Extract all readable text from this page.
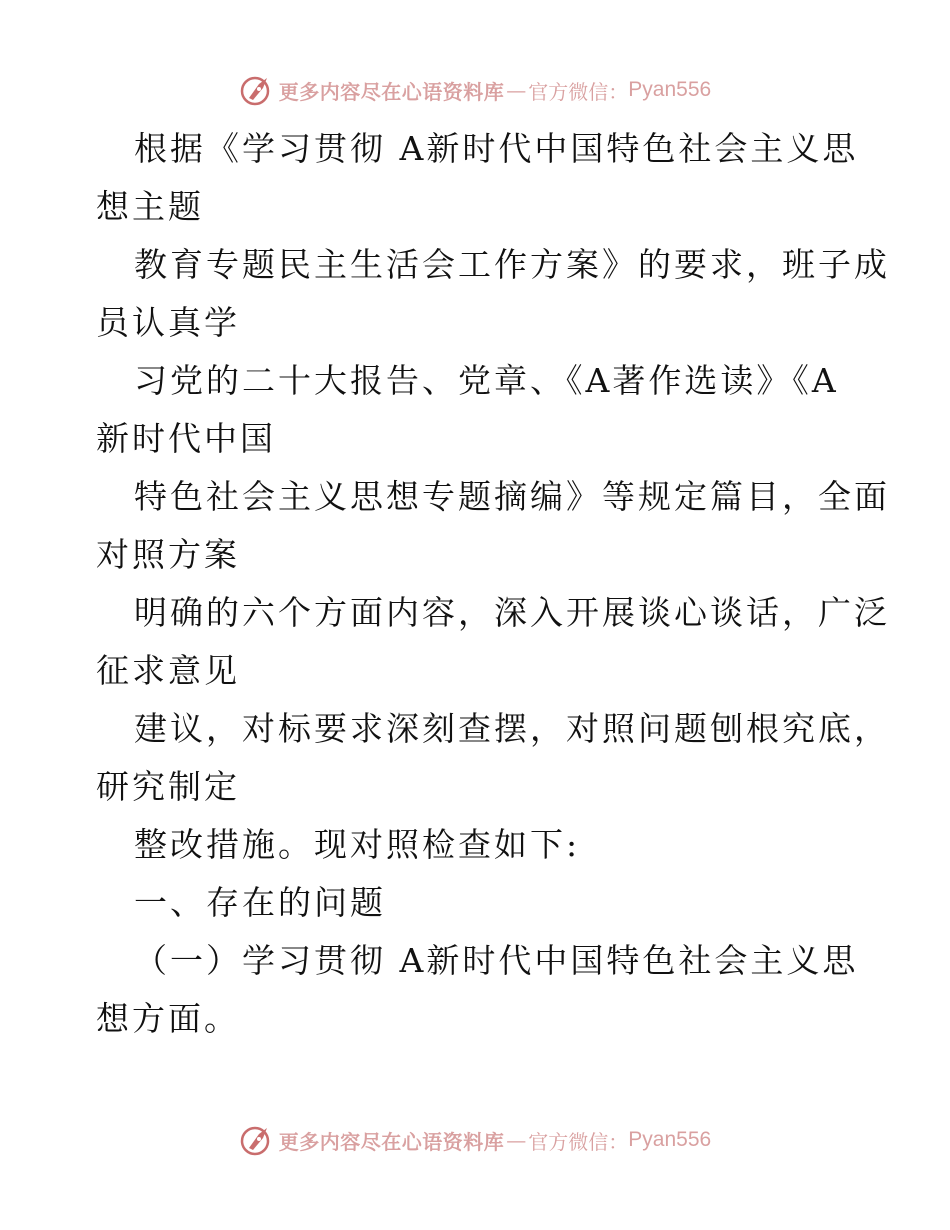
更多内容尽在心语资料库 — 官方微信： Pyan556
根据《学习贯彻 A新时代中国特色社会主义思
想主题
教育专题民主生活会工作方案》的要求，班子成
员认真学
习党的二十大报告、党章、《A著作选读》《A
新时代中国
特色社会主义思想专题摘编》等规定篇目，全面
对照方案
明确的六个方面内容，深入开展谈心谈话，广泛
征求意见
建议，对标要求深刻查摆，对照问题刨根究底，
研究制定
整改措施。现对照检查如下:
一、存在的问题
（一）学习贯彻 A新时代中国特色社会主义思
想方面。
更多内容尽在心语资料库 — 官方微信： Pyan556
